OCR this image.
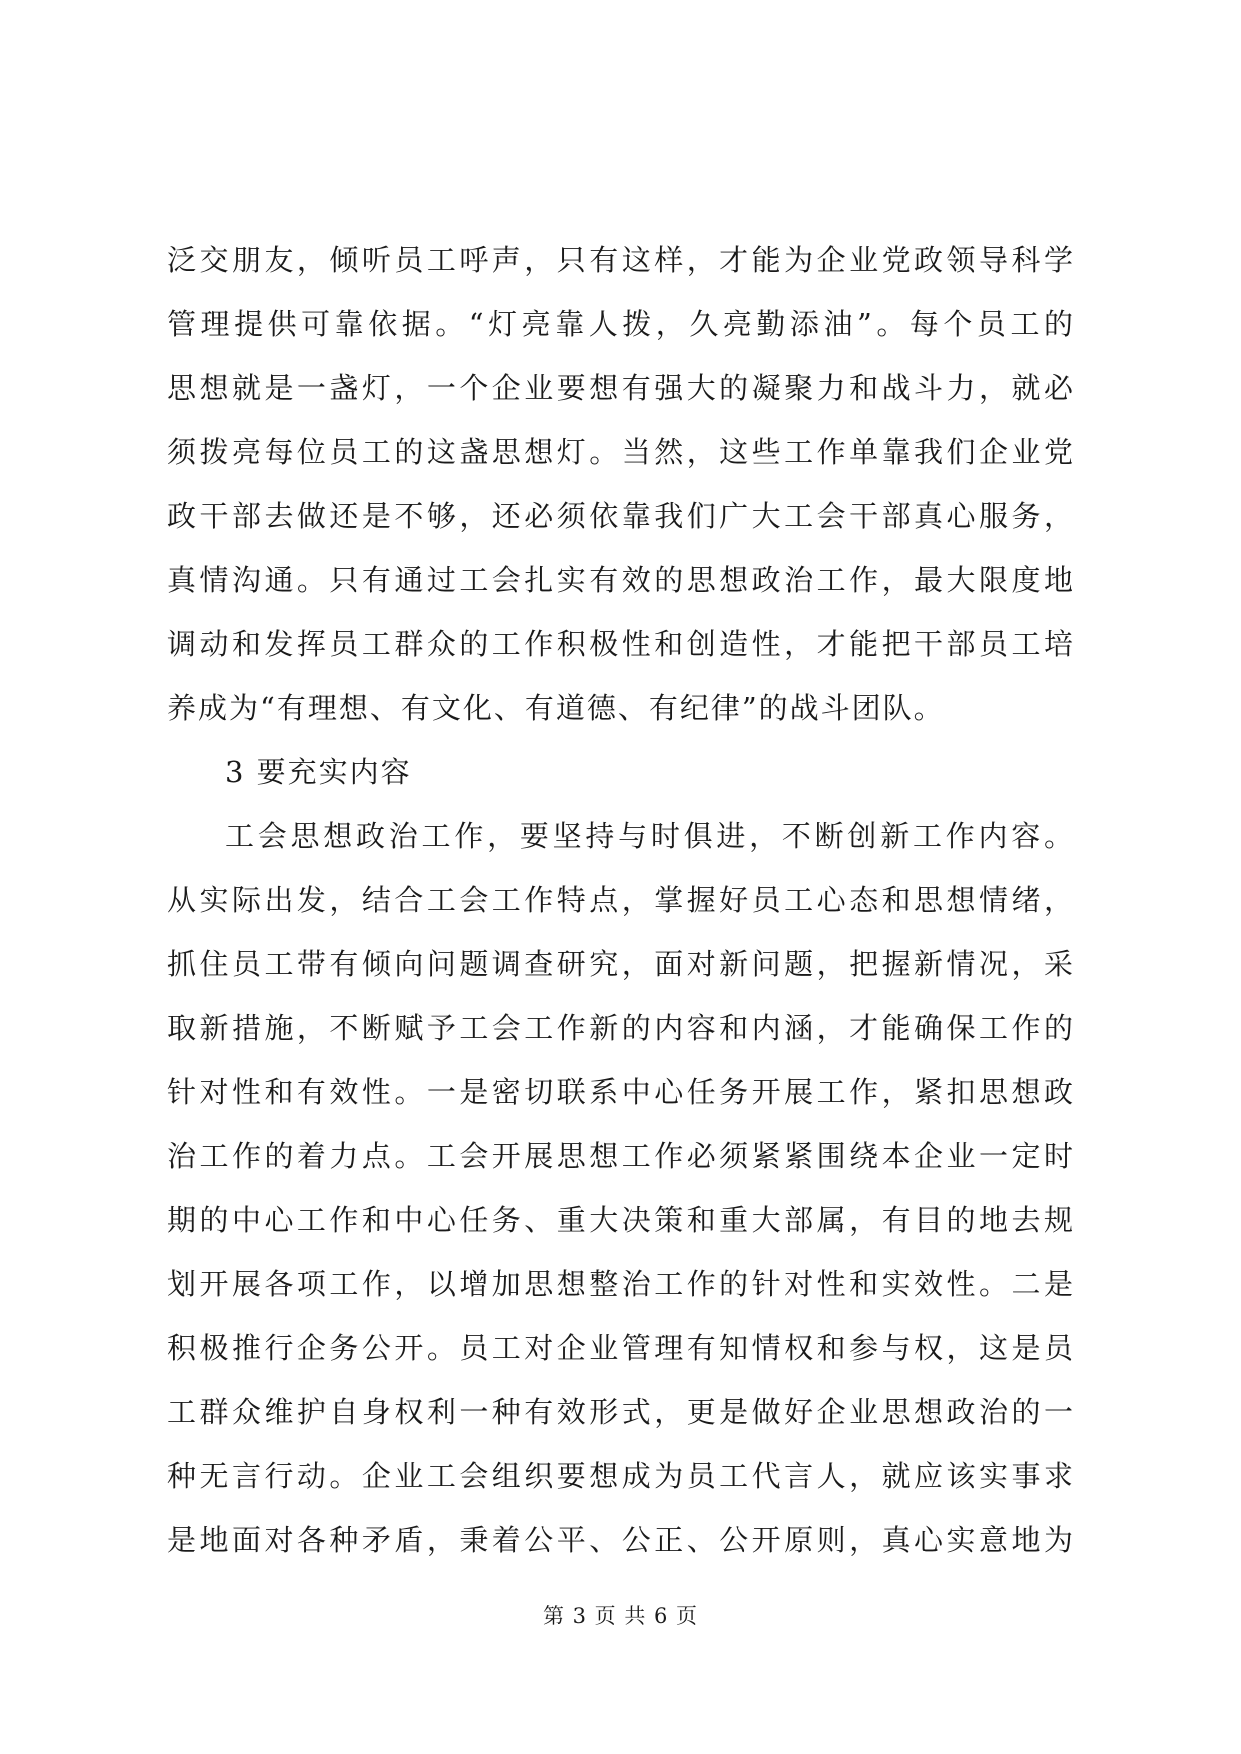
泛交朋友，倾听员工呼声，只有这样，才能为企业党政领导科学
管理提供可靠依据。“灯亮靠人拨，久亮勤添油”。每个员工的
思想就是一盏灯，一个企业要想有强大的凝聚力和战斗力，就必
须拨亮每位员工的这盏思想灯。当然，这些工作单靠我们企业党
政干部去做还是不够，还必须依靠我们广大工会干部真心服务，
真情沟通。只有通过工会扎实有效的思想政治工作，最大限度地
调动和发挥员工群众的工作积极性和创造性，才能把干部员工培
养成为“有理想、有文化、有道德、有纪律”的战斗团队。
3 要充实内容
工会思想政治工作，要坚持与时俱进，不断创新工作内容。
从实际出发，结合工会工作特点，掌握好员工心态和思想情绪，
抓住员工带有倾向问题调查研究，面对新问题，把握新情况，采
取新措施，不断赋予工会工作新的内容和内涵，才能确保工作的
针对性和有效性。一是密切联系中心任务开展工作，紧扣思想政
治工作的着力点。工会开展思想工作必须紧紧围绕本企业一定时
期的中心工作和中心任务、重大决策和重大部属，有目的地去规
划开展各项工作，以增加思想整治工作的针对性和实效性。二是
积极推行企务公开。员工对企业管理有知情权和参与权，这是员
工群众维护自身权利一种有效形式，更是做好企业思想政治的一
种无言行动。企业工会组织要想成为员工代言人，就应该实事求
是地面对各种矛盾，秉着公平、公正、公开原则，真心实意地为
第 3 页 共 6 页
